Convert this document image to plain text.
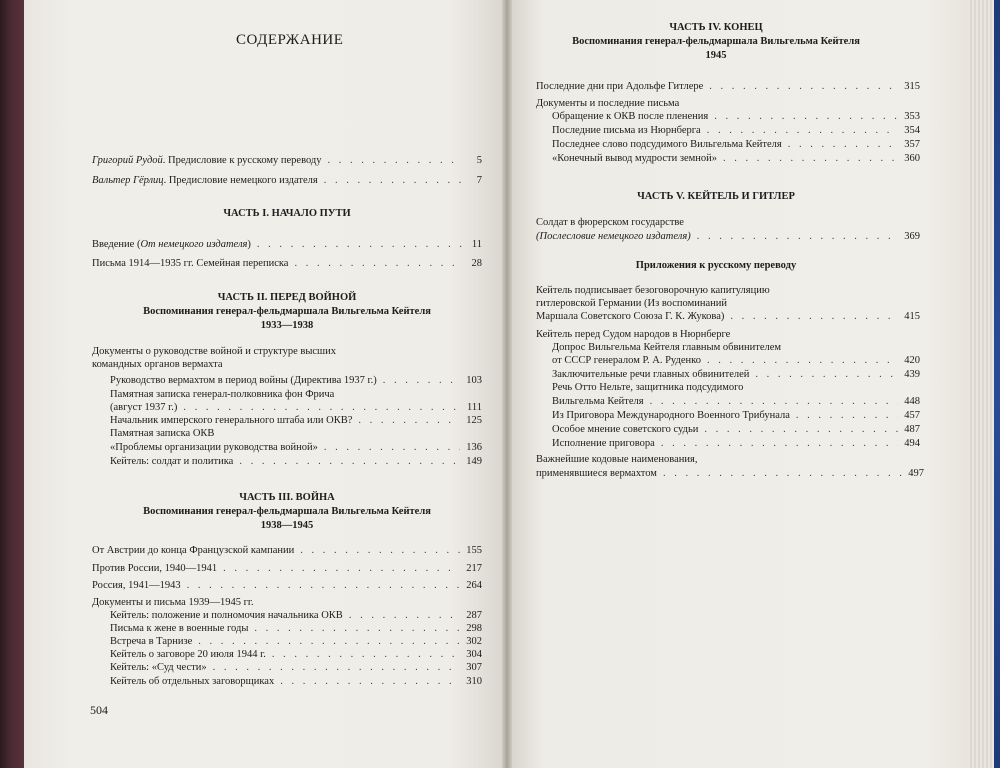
СОДЕРЖАНИЕ
Григорий Рудой. Предисловие к русскому переводу . . .	5
Вальтер Гёрлиц. Предисловие немецкого издателя . . .	7
ЧАСТЬ I. НАЧАЛО ПУТИ
Введение (От немецкого издателя) . . .	11
Письма 1914—1935 гг. Семейная переписка . . .	28
ЧАСТЬ II. ПЕРЕД ВОЙНОЙ
Воспоминания генерал-фельдмаршала Вильгельма Кейтеля
1933—1938
Документы о руководстве войной и структуре высших
командных органов вермахта
Руководство вермахтом в период войны (Директива 1937 г.) . . .	103
Памятная записка генерал-полковника фон Фрича
(август 1937 г.) . . .	111
Начальник имперского генерального штаба или ОКВ? . . .	125
Памятная записка ОКВ
«Проблемы организации руководства войной» . . .	136
Кейтель: солдат и политика . . .	149
ЧАСТЬ III. ВОЙНА
Воспоминания генерал-фельдмаршала Вильгельма Кейтеля
1938—1945
От Австрии до конца Французской кампании . . .	155
Против России, 1940—1941 . . .	217
Россия, 1941—1943 . . .	264
Документы и письма 1939—1945 гг.
Кейтель: положение и полномочия начальника ОКВ . . .	287
Письма к жене в военные годы . . .	298
Встреча в Тарнизе . . .	302
Кейтель о заговоре 20 июля 1944 г. . . .	304
Кейтель: «Суд чести» . . .	307
Кейтель об отдельных заговорщиках . . .	310
504
ЧАСТЬ IV. КОНЕЦ
Воспоминания генерал-фельдмаршала Вильгельма Кейтеля
1945
Последние дни при Адольфе Гитлере . . .	315
Документы и последние письма
Обращение к ОКВ после пленения . . .	353
Последние письма из Нюрнберга . . .	354
Последнее слово подсудимого Вильгельма Кейтеля . . .	357
«Конечный вывод мудрости земной» . . .	360
ЧАСТЬ V. КЕЙТЕЛЬ И ГИТЛЕР
Солдат в фюрерском государстве
(Послесловие немецкого издателя) . . .	369
Приложения к русскому переводу
Кейтель подписывает безоговорочную капитуляцию
гитлеровской Германии (Из воспоминаний
Маршала Советского Союза Г. К. Жукова) . . .	415
Кейтель перед Судом народов в Нюрнберге
Допрос Вильгельма Кейтеля главным обвинителем
от СССР генералом Р. А. Руденко . . .	420
Заключительные речи главных обвинителей . . .	439
Речь Отто Нельте, защитника подсудимого
Вильгельма Кейтеля . . .	448
Из Приговора Международного Военного Трибунала . . .	457
Особое мнение советского судьи . . .	487
Исполнение приговора . . .	494
Важнейшие кодовые наименования,
применявшиеся вермахтом . . .	497
